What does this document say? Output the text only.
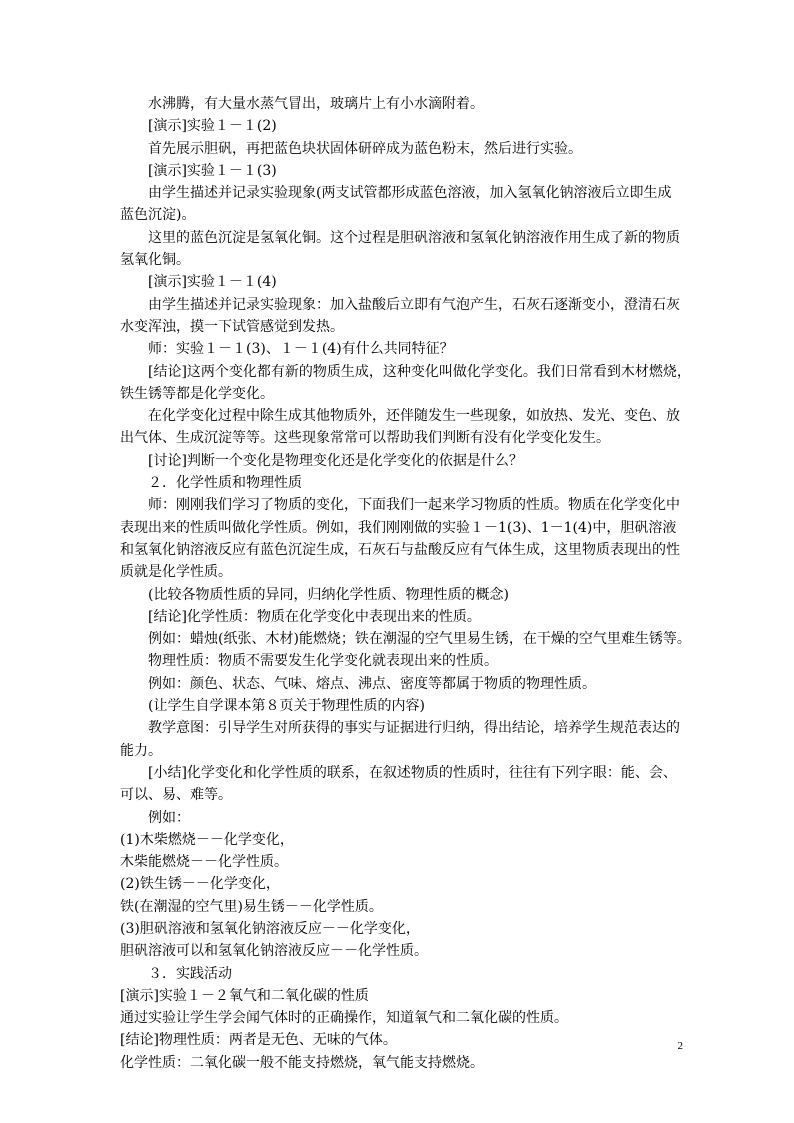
水沸腾，有大量水蒸气冒出，玻璃片上有小水滴附着。
[演示]实验１－１(2)
首先展示胆矾，再把蓝色块状固体研碎成为蓝色粉末，然后进行实验。
[演示]实验１－１(3)
由学生描述并记录实验现象(两支试管都形成蓝色溶液，加入氢氧化钠溶液后立即生成
蓝色沉淀)。
这里的蓝色沉淀是氢氧化铜。这个过程是胆矾溶液和氢氧化钠溶液作用生成了新的物质
氢氧化铜。
[演示]实验１－１(4)
由学生描述并记录实验现象：加入盐酸后立即有气泡产生，石灰石逐渐变小，澄清石灰
水变浑浊，摸一下试管感觉到发热。
师：实验１－１(3)、１－１(4)有什么共同特征？
[结论]这两个变化都有新的物质生成，这种变化叫做化学变化。我们日常看到木材燃烧，
铁生锈等都是化学变化。
在化学变化过程中除生成其他物质外，还伴随发生一些现象，如放热、发光、变色、放
出气体、生成沉淀等等。这些现象常常可以帮助我们判断有没有化学变化发生。
[讨论]判断一个变化是物理变化还是化学变化的依据是什么？
２．化学性质和物理性质
师：刚刚我们学习了物质的变化，下面我们一起来学习物质的性质。物质在化学变化中
表现出来的性质叫做化学性质。例如，我们刚刚做的实验１－1(3)、1－1(4)中，胆矾溶液
和氢氧化钠溶液反应有蓝色沉淀生成，石灰石与盐酸反应有气体生成，这里物质表现出的性
质就是化学性质。
(比较各物质性质的异同，归纳化学性质、物理性质的概念)
[结论]化学性质：物质在化学变化中表现出来的性质。
例如：蜡烛(纸张、木材)能燃烧；铁在潮湿的空气里易生锈，在干燥的空气里难生锈等。
物理性质：物质不需要发生化学变化就表现出来的性质。
例如：颜色、状态、气味、熔点、沸点、密度等都属于物质的物理性质。
(让学生自学课本第８页关于物理性质的内容)
教学意图：引导学生对所获得的事实与证据进行归纳，得出结论，培养学生规范表达的
能力。
[小结]化学变化和化学性质的联系，在叙述物质的性质时，往往有下列字眼：能、会、
可以、易、难等。
例如：
(1)木柴燃烧－－化学变化，
木柴能燃烧－－化学性质。
(2)铁生锈－－化学变化，
铁(在潮湿的空气里)易生锈－－化学性质。
(3)胆矾溶液和氢氧化钠溶液反应－－化学变化，
胆矾溶液可以和氢氧化钠溶液反应－－化学性质。
３．实践活动
[演示]实验１－２氧气和二氧化碳的性质
通过实验让学生学会闻气体时的正确操作，知道氧气和二氧化碳的性质。
[结论]物理性质：两者是无色、无味的气体。
化学性质：二氧化碳一般不能支持燃烧，氧气能支持燃烧。
2
